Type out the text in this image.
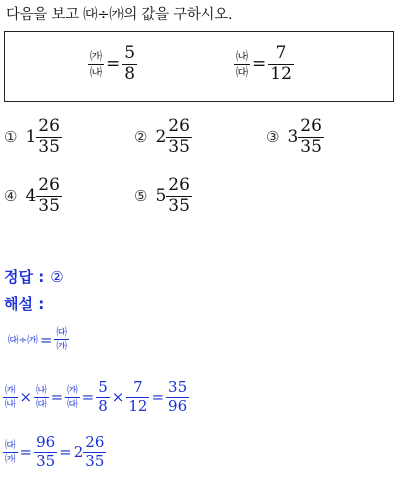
다음을 보고 ㈐÷㈎의 값을 구하시오.
$\frac{㈎}{㈏} = \frac{5}{8}$	$\frac{㈏}{㈐} = \frac{7}{12}$
① $1 \frac{26}{35}$	② $2 \frac{26}{35}$	③ $3 \frac{26}{35}$
④ $4 \frac{26}{35}$	⑤ $5 \frac{26}{35}$
정답 : ②
해설 :
㈐÷㈎ = $\frac{㈐}{㈎}$
$\frac{㈎}{㈏} \times \frac{㈏}{㈐} = \frac{㈎}{㈐} = \frac{5}{8} \times \frac{7}{12} = \frac{35}{96}$
$\frac{㈐}{㈎} = \frac{96}{35} = 2 \frac{26}{35}$
